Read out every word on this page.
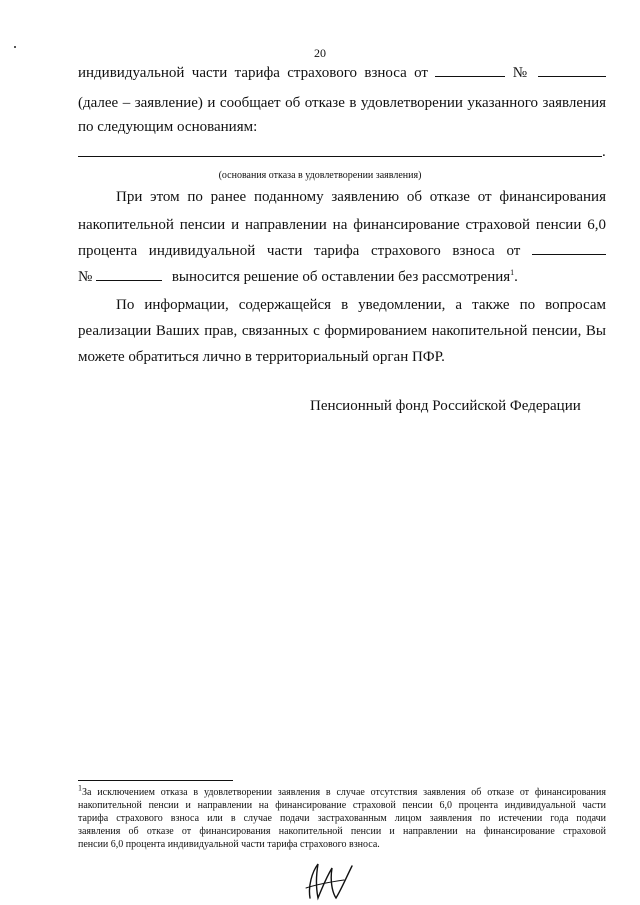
20
индивидуальной части тарифа страхового взноса от	№
(далее – заявление) и сообщает об отказе в удовлетворении указанного заявления
по следующим основаниям:
.
(основания отказа в удовлетворении заявления)
При этом по ранее поданному заявлению об отказе от финансирования
накопительной пенсии и направлении на финансирование страховой пенсии 6,0
процента индивидуальной части тарифа страхового взноса от
№	выносится решение об оставлении без рассмотрения$^1$.
По информации, содержащейся в уведомлении, а также по вопросам
реализации Ваших прав, связанных с формированием накопительной пенсии, Вы
можете обратиться лично в территориальный орган ПФР.
Пенсионный фонд Российской Федерации
$^1$За исключением отказа в удовлетворении заявления в случае отсутствия заявления об отказе от финансирования
накопительной пенсии и направлении на финансирование страховой пенсии 6,0 процента индивидуальной части
тарифа страхового взноса или в случае подачи застрахованным лицом заявления по истечении года подачи
заявления об отказе от финансирования накопительной пенсии и направлении на финансирование страховой
пенсии 6,0 процента индивидуальной части тарифа страхового взноса.
